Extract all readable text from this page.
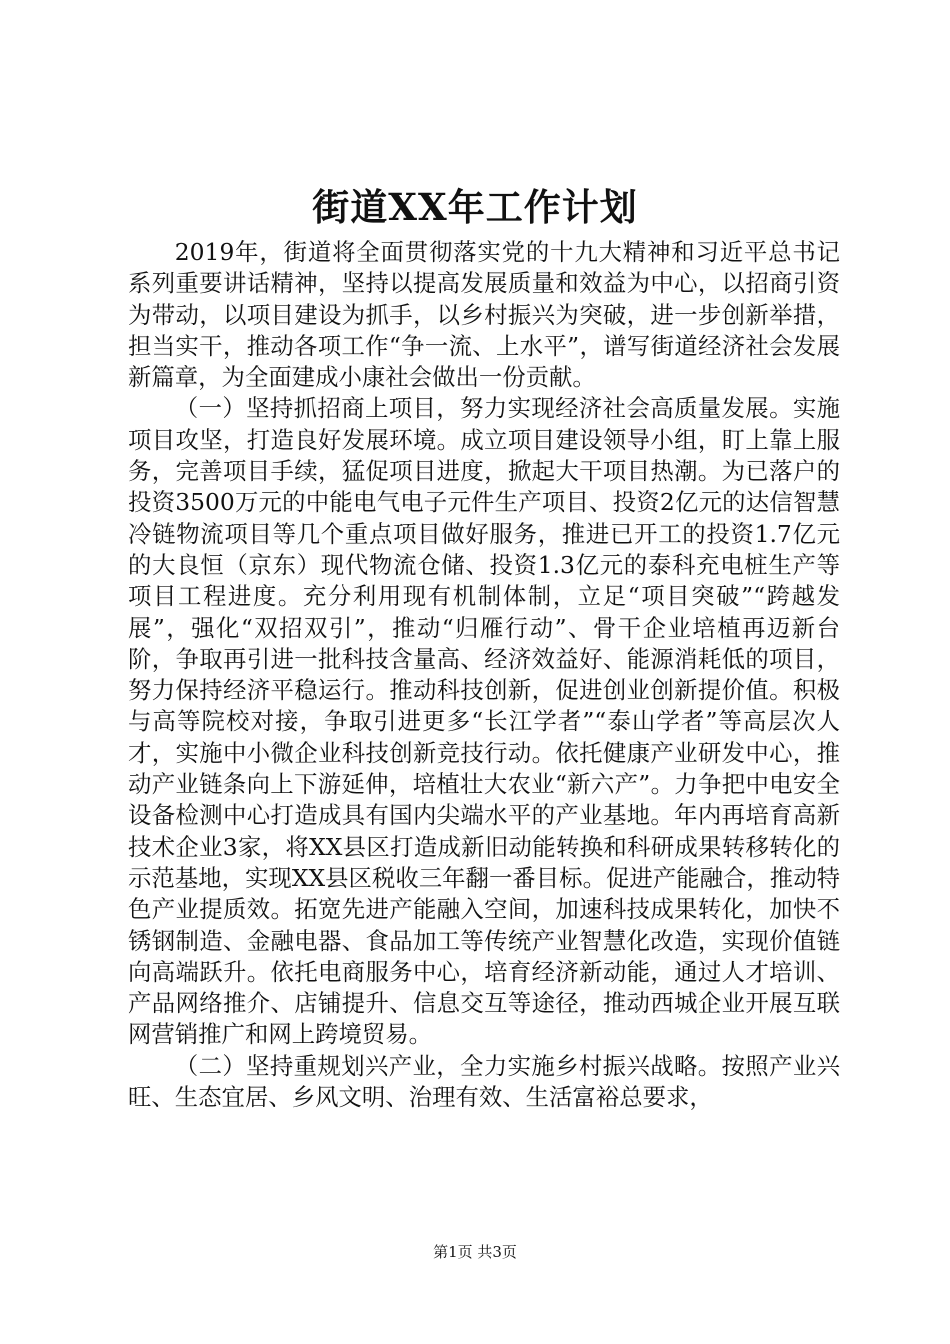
街道XX年工作计划

2019年，街道将全面贯彻落实党的十九大精神和习近平总书记系列重要讲话精神，坚持以提高发展质量和效益为中心，以招商引资为带动，以项目建设为抓手，以乡村振兴为突破，进一步创新举措，担当实干，推动各项工作“争一流、上水平”，谱写街道经济社会发展新篇章，为全面建成小康社会做出一份贡献。

（一）坚持抓招商上项目，努力实现经济社会高质量发展。实施项目攻坚，打造良好发展环境。成立项目建设领导小组，盯上靠上服务，完善项目手续，猛促项目进度，掀起大干项目热潮。为已落户的投资3500万元的中能电气电子元件生产项目、投资2亿元的达信智慧冷链物流项目等几个重点项目做好服务，推进已开工的投资1.7亿元的大良恒（京东）现代物流仓储、投资1.3亿元的泰科充电桩生产等项目工程进度。充分利用现有机制体制，立足“项目突破”“跨越发展”，强化“双招双引”，推动“归雁行动”、骨干企业培植再迈新台阶，争取再引进一批科技含量高、经济效益好、能源消耗低的项目，努力保持经济平稳运行。推动科技创新，促进创业创新提价值。积极与高等院校对接，争取引进更多“长江学者”“泰山学者”等高层次人才，实施中小微企业科技创新竞技行动。依托健康产业研发中心，推动产业链条向上下游延伸，培植壮大农业“新六产”。力争把中电安全设备检测中心打造成具有国内尖端水平的产业基地。年内再培育高新技术企业3家，将XX县区打造成新旧动能转换和科研成果转移转化的示范基地，实现XX县区税收三年翻一番目标。促进产能融合，推动特色产业提质效。拓宽先进产能融入空间，加速科技成果转化，加快不锈钢制造、金融电器、食品加工等传统产业智慧化改造，实现价值链向高端跃升。依托电商服务中心，培育经济新动能，通过人才培训、产品网络推介、店铺提升、信息交互等途径，推动西城企业开展互联网营销推广和网上跨境贸易。

（二）坚持重规划兴产业，全力实施乡村振兴战略。按照产业兴旺、生态宜居、乡风文明、治理有效、生活富裕总要求，

第1页 共3页
